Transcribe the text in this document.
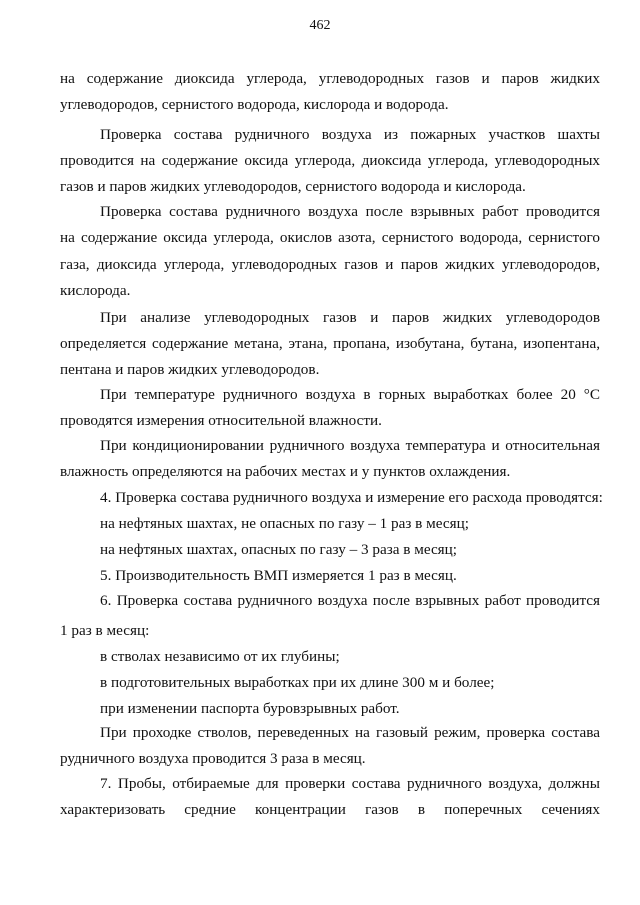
462
на содержание диоксида углерода, углеводородных газов и паров жидких
углеводородов, сернистого водорода, кислорода и водорода.
Проверка состава рудничного воздуха из пожарных участков шахты
проводится на содержание оксида углерода, диоксида углерода, углеводородных
газов и паров жидких углеводородов, сернистого водорода и кислорода.
Проверка состава рудничного воздуха после взрывных работ проводится
на содержание оксида углерода, окислов азота, сернистого водорода, сернистого
газа, диоксида углерода, углеводородных газов и паров жидких углеводородов,
кислорода.
При анализе углеводородных газов и паров жидких углеводородов
определяется содержание метана, этана, пропана, изобутана, бутана, изопентана,
пентана и паров жидких углеводородов.
При температуре рудничного воздуха в горных выработках более 20 °С
проводятся измерения относительной влажности.
При кондиционировании рудничного воздуха температура и относительная
влажность определяются на рабочих местах и у пунктов охлаждения.
4. Проверка состава рудничного воздуха и измерение его расхода проводятся:
на нефтяных шахтах, не опасных по газу – 1 раз в месяц;
на нефтяных шахтах, опасных по газу – 3 раза в месяц;
5. Производительность ВМП измеряется 1 раз в месяц.
6. Проверка состава рудничного воздуха после взрывных работ проводится
1 раз в месяц:
в стволах независимо от их глубины;
в подготовительных выработках при их длине 300 м и более;
при изменении паспорта буровзрывных работ.
При проходке стволов, переведенных на газовый режим, проверка состава
рудничного воздуха проводится 3 раза в месяц.
7. Пробы, отбираемые для проверки состава рудничного воздуха, должны
характеризовать средние концентрации газов в поперечных сечениях
